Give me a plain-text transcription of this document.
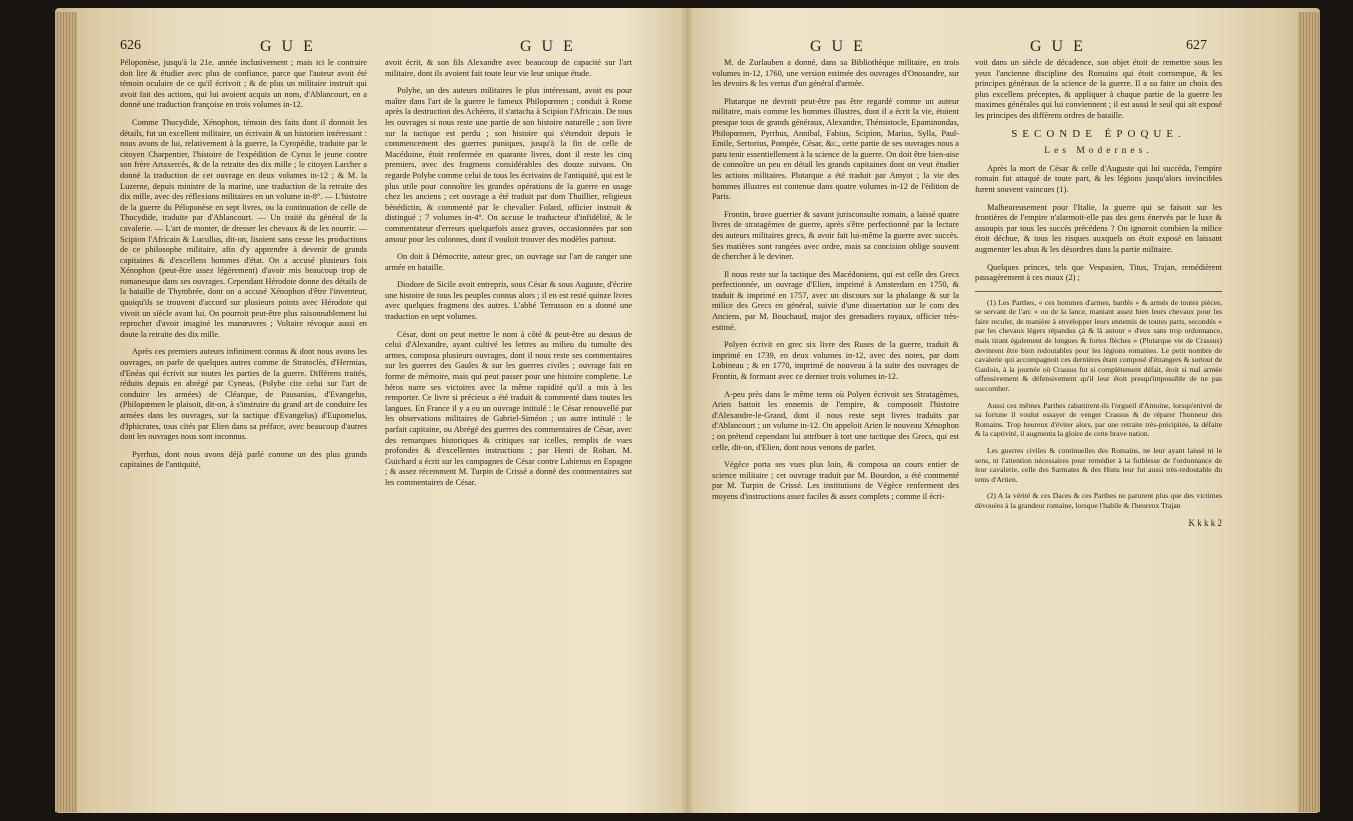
626	G U E	G U E

Péloponèse, jusqu'à la 21e. année inclusivement ; mais ici le contraire doit lire & étudier avec plus de confiance, parce que l'auteur avoit été témoin oculaire de ce qu'il écrivoit ; & de plus un militaire instruit qui avoit fait des actions, qui lui avoient acquis un nom, d'Ablancourt, en a donné une traduction françoise en trois volumes in-12.

Comme Thucydide, Xénophon, témoin des faits dont il donnoit les détails, fut un excellent militaire, un écrivain & un historien intéressant : nous avons de lui, relativement à la guerre, la Cyropédie, traduite par le citoyen Charpentier, l'histoire de l'expédition de Cyrus le jeune contre son frère Artaxercès, & de la retraite des dix mille ; le citoyen Larcher a donné la traduction de cet ouvrage en deux volumes in-12 ; & M. la Luzerne, depuis ministre de la marine, une traduction de la retraite des dix mille, avec des réflexions militaires en un volume in-8°. — L'histoire de la guerre du Péloponèse en sept livres, ou la continuation de celle de Thucydide, traduite par d'Ablancourt. — Un traité du général de la cavalerie. — L'art de monter, de dresser les chevaux & de les nourrir. — Scipion l'Africain & Lucullus, dit-on, lisoient sans cesse les productions de ce philosophe militaire, afin d'y apprendre à devenir de grands capitaines & d'excellens hommes d'état. On a accusé plusieurs fois Xénophon (peut-être assez légèrement) d'avoir mis beaucoup trop de romanesque dans ses ouvrages. Cependant Hérodote donne des détails de la bataille de Thymbrée, dont on a accusé Xénophon d'être l'inventeur, quoiqu'ils se trouvent d'accord sur plusieurs points avec Hérodote qui vivoit un siècle avant lui. On pourroit peut-être plus raisonnablement lui reprocher d'avoir imaginé les manœuvres ; Voltaire révoque aussi en doute la retraite des dix mille.

Après ces premiers auteurs infiniment connus & dont nous avons les ouvrages, on parle de quelques autres comme de Stratoclès, d'Hermias, d'Enéas qui écrivit sur toutes les parties de la guerre. Différens traités, réduits depuis en abrégé par Cyneas, (Polybe cite celui sur l'art de conduire les armées) de Cléarque, de Pausanias, d'Evangelus, (Philopœmen le plaisoit, dit-on, à s'instruire du grand art de conduire les armées dans les ouvrages, sur la tactique d'Evangelus) d'Eupomelus, d'Iphicrates, tous cités par Elien dans sa préface, avec beaucoup d'autres dont les ouvrages nous sont inconnus.

Pyrrhus, dont nous avons déjà parlé comme un des plus grands capitaines de l'antiquité,

avoit écrit, & son fils Alexandre avec beaucoup de capacité sur l'art militaire, dont ils avoient fait toute leur vie leur unique étude.

Polybe, un des auteurs militaires le plus intéressant, avoit eu pour maître dans l'art de la guerre le fameux Philopœmen ; conduit à Rome après la destruction des Achéens, il s'attacha à Scipion l'Africain. De tous les ouvrages si nous reste une partie de son histoire naturelle ; son livre sur la tactique est perdu ; son histoire qui s'étendoit depuis le commencement des guerres puniques, jusqu'à la fin de celle de Macédoine, étoit renfermée en quarante livres, dont il reste les cinq premiers, avec des fragmens considérables des douze suivans. On regarde Polybe comme celui de tous les écrivains de l'antiquité, qui est le plus utile pour connoître les grandes opérations de la guerre en usage chez les anciens ; cet ouvrage a été traduit par dom Thuillier, religieux bénédictin, & commenté par le chevalier Folard, officier instruit & distingué ; 7 volumes in-4°. On accuse le traducteur d'infidélité, & le commentateur d'erreurs quelquefois assez graves, occasionnées par son amour pour les colonnes, dont il vouloit trouver des modèles partout.

On doit à Démocrite, auteur grec, un ouvrage sur l'art de ranger une armée en bataille.

Diodore de Sicile avoit entrepris, sous César & sous Auguste, d'écrire une histoire de tous les peuples connus alors ; il en est resté quinze livres avec quelques fragmens des autres. L'abbé Terrasson en a donné une traduction en sept volumes.

César, dont on peut mettre le nom à côté & peut-être au dessus de celui d'Alexandre, ayant cultivé les lettres au milieu du tumulte des armes, composa plusieurs ouvrages, dont il nous reste ses commentaires sur les guerres des Gaules & sur les guerres civiles ; ouvrage fait en forme de mémoire, mais qui peut passer pour une histoire complette. Le héros narre ses victoires avec la même rapidité qu'il a mis à les remporter. Ce livre si précieux a été traduit & commenté dans toutes les langues. En France il y a eu un ouvrage intitulé : le César renouvellé par les observations militaires de Gabriel-Siméon ; un autre intitulé : le parfait capitaine, ou Abrégé des guerres des commentaires de César, avec des remarques historiques & critiques sur icelles, remplis de vues profondes & d'excellentes instructions ; par Henri de Rohan. M. Guichard a écrit sur les campagnes de César contre Labienus en Espagne ; & assez récemment M. Turpin de Crissé a donné des commentaires sur les commentaires de César.

G U E	G U E	627

M. de Zurlauben a donné, dans sa Bibliothèque militaire, en trois volumes in-12, 1760, une version estimée des ouvrages d'Onosandre, sur les devoirs & les vertus d'un général d'armée.

Plutarque ne devroit peut-être pas être regardé comme un auteur militaire, mais comme les hommes illustres, dont il a écrit la vie, étoient presque tous de grands généraux, Alexandre, Thémistocle, Epaminondas, Philopœmen, Pyrrhus, Annibal, Fabius, Scipion, Marius, Sylla, Paul-Emile, Sertorius, Pompée, César, &c., cette partie de ses ouvrages nous a paru tenir essentiellement à la science de la guerre. On doit être bien-aise de connoître un peu en détail les grands capitaines dont on veut étudier les actions militaires. Plutarque a été traduit par Amyot ; la vie des hommes illustres est contenue dans quatre volumes in-12 de l'édition de Paris.

Frontin, brave guerrier & savant jurisconsulte romain, a laissé quatre livres de stratagèmes de guerre, après s'être perfectionné par la lecture des auteurs militaires grecs, & avoir fait lui-même la guerre avec succès. Ses matières sont rangées avec ordre, mais sa concision oblige souvent de chercher à le deviner.

Il nous reste sur la tactique des Macédoniens, qui est celle des Grecs perfectionnée, un ouvrage d'Elien, imprimé à Amsterdam en 1750, & traduit & imprimé en 1757, avec un discours sur la phalange & sur la milice des Grecs en général, suivie d'une dissertation sur le com des Anciens, par M. Bouchaud, major des grenadiers royaux, officier très-estimé.

Polyen écrivit en grec six livre des Ruses de la guerre, traduit & imprimé en 1739, en deux volumes in-12, avec des notes, par dom Lobineau ; & en 1770, imprimé de nouveau à la suite des ouvrages de Frontin, & formant avec ce dernier trois volumes in-12.

A-peu près dans le même tems où Polyen écrivoit ses Stratagèmes, Arien battoit les ennemis de l'empire, & composoit l'histoire d'Alexandre-le-Grand, dont il nous reste sept livres traduits par d'Ablancourt ; un volume in-12. On appeloit Arien le nouveau Xénophon ; on prétend cependant lui attribuer à tort une tactique des Grecs, qui est celle, dit-on, d'Elien, dont nous venons de parler.

Végèce porta ses vues plus loin, & composa un cours entier de science militaire ; cet ouvrage traduit par M. Bourdon, a été commenté par M. Turpin de Crissé. Les institutions de Végèce renferment des moyens d'instructions assez faciles & assez complets ; comme il écri-

voit dans un siècle de décadence, son objet étoit de remettre sous les yeux l'ancienne discipline des Romains qui étoit corrompue, & les principes généraux de la science de la guerre. Il a su faire un choix des plus excellens préceptes, & appliquer à chaque partie de la guerre les maximes générales qui lui conviennent ; il est aussi le seul qui ait exposé les principes des différens ordres de bataille.

SECONDE ÉPOQUE.

Les Modernes.

Après la mort de César & celle d'Auguste qui lui succéda, l'empire romain fut attaqué de toute part, & les légions jusqu'alors invincibles furent souvent vaincues (1).

Malheureusement pour l'Italie, la guerre qui se faisoit sur les frontières de l'empire n'alarmoit-elle pas des gens énervés par le luxe & assoupis par tous les succès précédens ? On ignoroit combien la milice étoit déchue, & tous les risques auxquels on étoit exposé en laissant augmenter les abus & les désordres dans la partie militaire.

Quelques princes, tels que Vespasien, Titus, Trajan, remédièrent passagèrement à ces maux (2) ;

(1) Les Parthes, « ces hommes d'armes, bardés » & armés de toutes pièces, se servant de l'arc » ou de la lance, maniant assez bien leurs chevaux pour les faire reculer, de manière à envelopper leurs ennemis de toutes parts, secondés » par les chevaux légers répandus çà & là autour » d'eux sans trop ordonnance, mais tirant également de longues & fortes flèches » (Plutarque vie de Crassus) devinrent être bien redoutables pour les légions romaines. Le petit nombre de cavalerie qui accompagnoit ces dernières étant composé d'étrangers & surtout de Gaulois, à la journée où Crassus fut si complètement défait, étoit si mal armée offensivement & défensivement qu'il leur étoit presqu'impossible de ne pas succomber.

Aussi ces mêmes Parthes rabattirent-ils l'orgueil d'Antoine, lorsqu'enivré de sa fortune il voulut essayer de venger Crassus & de réparer l'honneur des Romains. Trop heureux d'éviter alors, par une retraite très-précipitée, la défaite & la captivité, il augmenta la gloire de cette brave nation.

Les guerres civiles & continuelles des Romains, ne leur ayant laissé ni le sens, ni l'attention nécessaires pour remédier à la foiblesse de l'ordonnance de leur cavalerie, celle des Sarmates & des Huns leur fut aussi très-redoutable du tems d'Artien.

(2) A la vérité & ces Daces & ces Parthes ne parurent plus que des victimes dévouées à la grandeur romaine, lorsque l'habile & l'heureux Trajan

K k k k 2
